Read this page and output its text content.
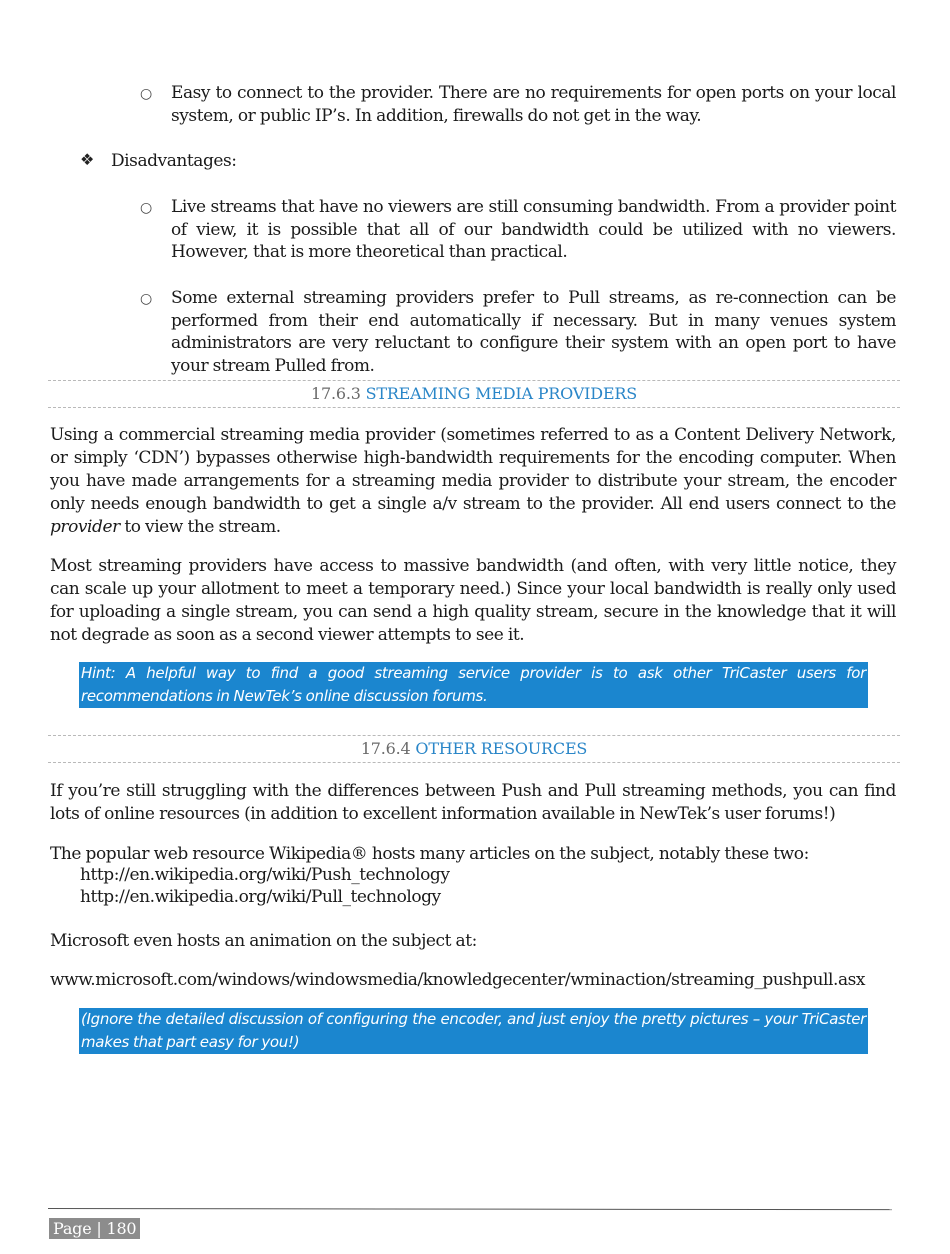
○ Easy to connect to the provider. There are no requirements for open ports on your local system, or public IP’s. In addition, firewalls do not get in the way.
❖ Disadvantages:
○ Live streams that have no viewers are still consuming bandwidth. From a provider point of view, it is possible that all of our bandwidth could be utilized with no viewers. However, that is more theoretical than practical.
○ Some external streaming providers prefer to Pull streams, as re-connection can be performed from their end automatically if necessary. But in many venues system administrators are very reluctant to configure their system with an open port to have your stream Pulled from.
17.6.3 STREAMING MEDIA PROVIDERS
Using a commercial streaming media provider (sometimes referred to as a Content Delivery Network, or simply ‘CDN’) bypasses otherwise high-bandwidth requirements for the encoding computer. When you have made arrangements for a streaming media provider to distribute your stream, the encoder only needs enough bandwidth to get a single a/v stream to the provider. All end users connect to the provider to view the stream.
Most streaming providers have access to massive bandwidth (and often, with very little notice, they can scale up your allotment to meet a temporary need.) Since your local bandwidth is really only used for uploading a single stream, you can send a high quality stream, secure in the knowledge that it will not degrade as soon as a second viewer attempts to see it.
Hint: A helpful way to find a good streaming service provider is to ask other TriCaster users for recommendations in NewTek’s online discussion forums.
17.6.4 OTHER RESOURCES
If you’re still struggling with the differences between Push and Pull streaming methods, you can find lots of online resources (in addition to excellent information available in NewTek’s user forums!)
The popular web resource Wikipedia® hosts many articles on the subject, notably these two:
http://en.wikipedia.org/wiki/Push_technology
http://en.wikipedia.org/wiki/Pull_technology
Microsoft even hosts an animation on the subject at:
www.microsoft.com/windows/windowsmedia/knowledgecenter/wminaction/streaming_pushpull.asx
(Ignore the detailed discussion of configuring the encoder, and just enjoy the pretty pictures – your TriCaster makes that part easy for you!)
Page | 180
